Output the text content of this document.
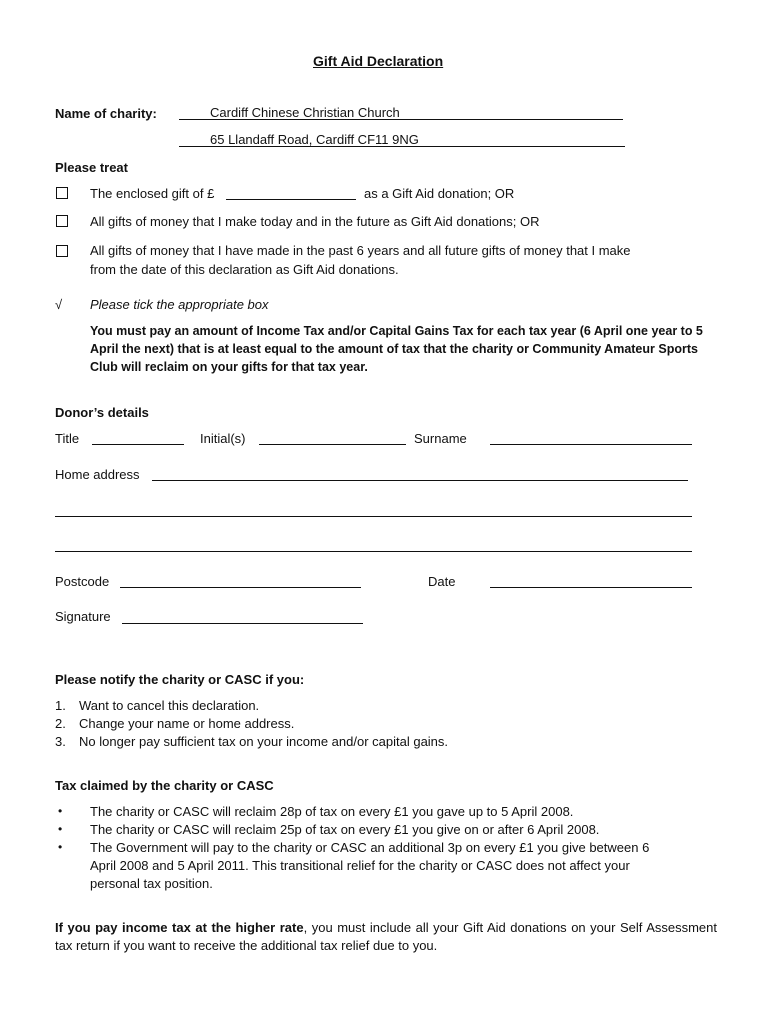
Gift Aid Declaration
Name of charity:	Cardiff Chinese Christian Church
65 Llandaff Road, Cardiff CF11 9NG
Please treat
The enclosed gift of £	as a Gift Aid donation; OR
All gifts of money that I make today and in the future as Gift Aid donations; OR
All gifts of money that I have made in the past 6 years and all future gifts of money that I make
from the date of this declaration as Gift Aid donations.
√ Please tick the appropriate box
You must pay an amount of Income Tax and/or Capital Gains Tax for each tax year (6 April one year to 5 April the next) that is at least equal to the amount of tax that the charity or Community Amateur Sports Club will reclaim on your gifts for that tax year.
Donor’s details
Title	Initial(s)	Surname
Home address
Postcode	Date
Signature
Please notify the charity or CASC if you:
1. Want to cancel this declaration.
2. Change your name or home address.
3. No longer pay sufficient tax on your income and/or capital gains.
Tax claimed by the charity or CASC
• The charity or CASC will reclaim 28p of tax on every £1 you gave up to 5 April 2008.
• The charity or CASC will reclaim 25p of tax on every £1 you give on or after 6 April 2008.
• The Government will pay to the charity or CASC an additional 3p on every £1 you give between 6 April 2008 and 5 April 2011. This transitional relief for the charity or CASC does not affect your personal tax position.
If you pay income tax at the higher rate, you must include all your Gift Aid donations on your Self Assessment tax return if you want to receive the additional tax relief due to you.
